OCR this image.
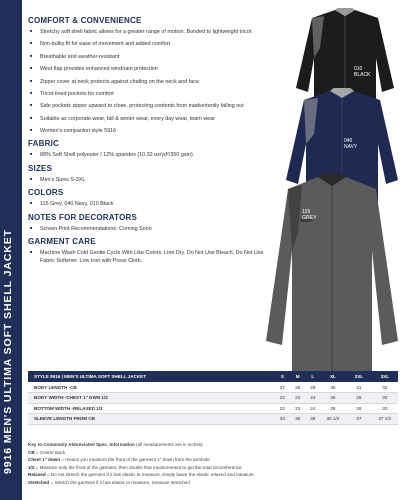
9916 MEN'S ULTIMA SOFT SHELL JACKET
COMFORT & CONVENIENCE
■ Stretchy soft shell fabric allows for a greater range of motion. Bonded to lightweight tricot
■ Non-bulky fit for ease of movement and added comfort
■ Breathable and weather-resistant
■ Wind flap provides enhanced wind/rain protection
■ Zipper cover at neck protects against chafing on the neck and face
■ Tricot-lined pockets for comfort
■ Side pockets zipper upward to close, protecting contents from inadvertently falling out
■ Suitable as corporate wear, fall & winter wear, every day wear, team wear
■ Women's companion style 5916
FABRIC
■ 88% Soft Shell polyester / 12% spandex (10.32 oz/yd²/350 gsm)
SIZES
■ Men's Sizes S-3XL
COLORS
■ 115 Grey, 040 Navy, 010 Black
NOTES FOR DECORATORS
■ Screen Print Recommendations: Coming Soon
GARMENT CARE
■ Machine Wash Cold Gentle Cycle With Like Colors. Line Dry. Do Not Use Bleach. Do Not Use Fabric Softener. Low Iron with Press Cloth.
010
BLACK
040
NAVY
115
GREY
STYLE 9916 | MEN'S ULTIMA SOFT SHELL JACKET	S	M	L	XL	2XL	3XL
BODY LENGTH -CB	27	28	29	30	31	32
BODY WIDTH -CHEST 1" DWN 1/2	22	23	24	26	28	30
BOTTOM WIDTH -RELAXED 1/2	22	23	24	26	28	30
SLEEVE LENGTH FROM CB	34	35	36	36 1/2	37	37 1/2
Key to Commonly Abbreviated Spec. Information (all measurements are in inches)
CB = Center Back
Chest 1" down = means you measure the front of the garment 1" down from the armhole
1/2 = Measure only the front of the garment, then double that measurement to get the total circumference
Relaxed = Do not stretch the garment if it has elastic to measure, simply leave the elastic relaxed and measure
Stretched = Stretch the garment if it has elastic to measure, measure stretched
